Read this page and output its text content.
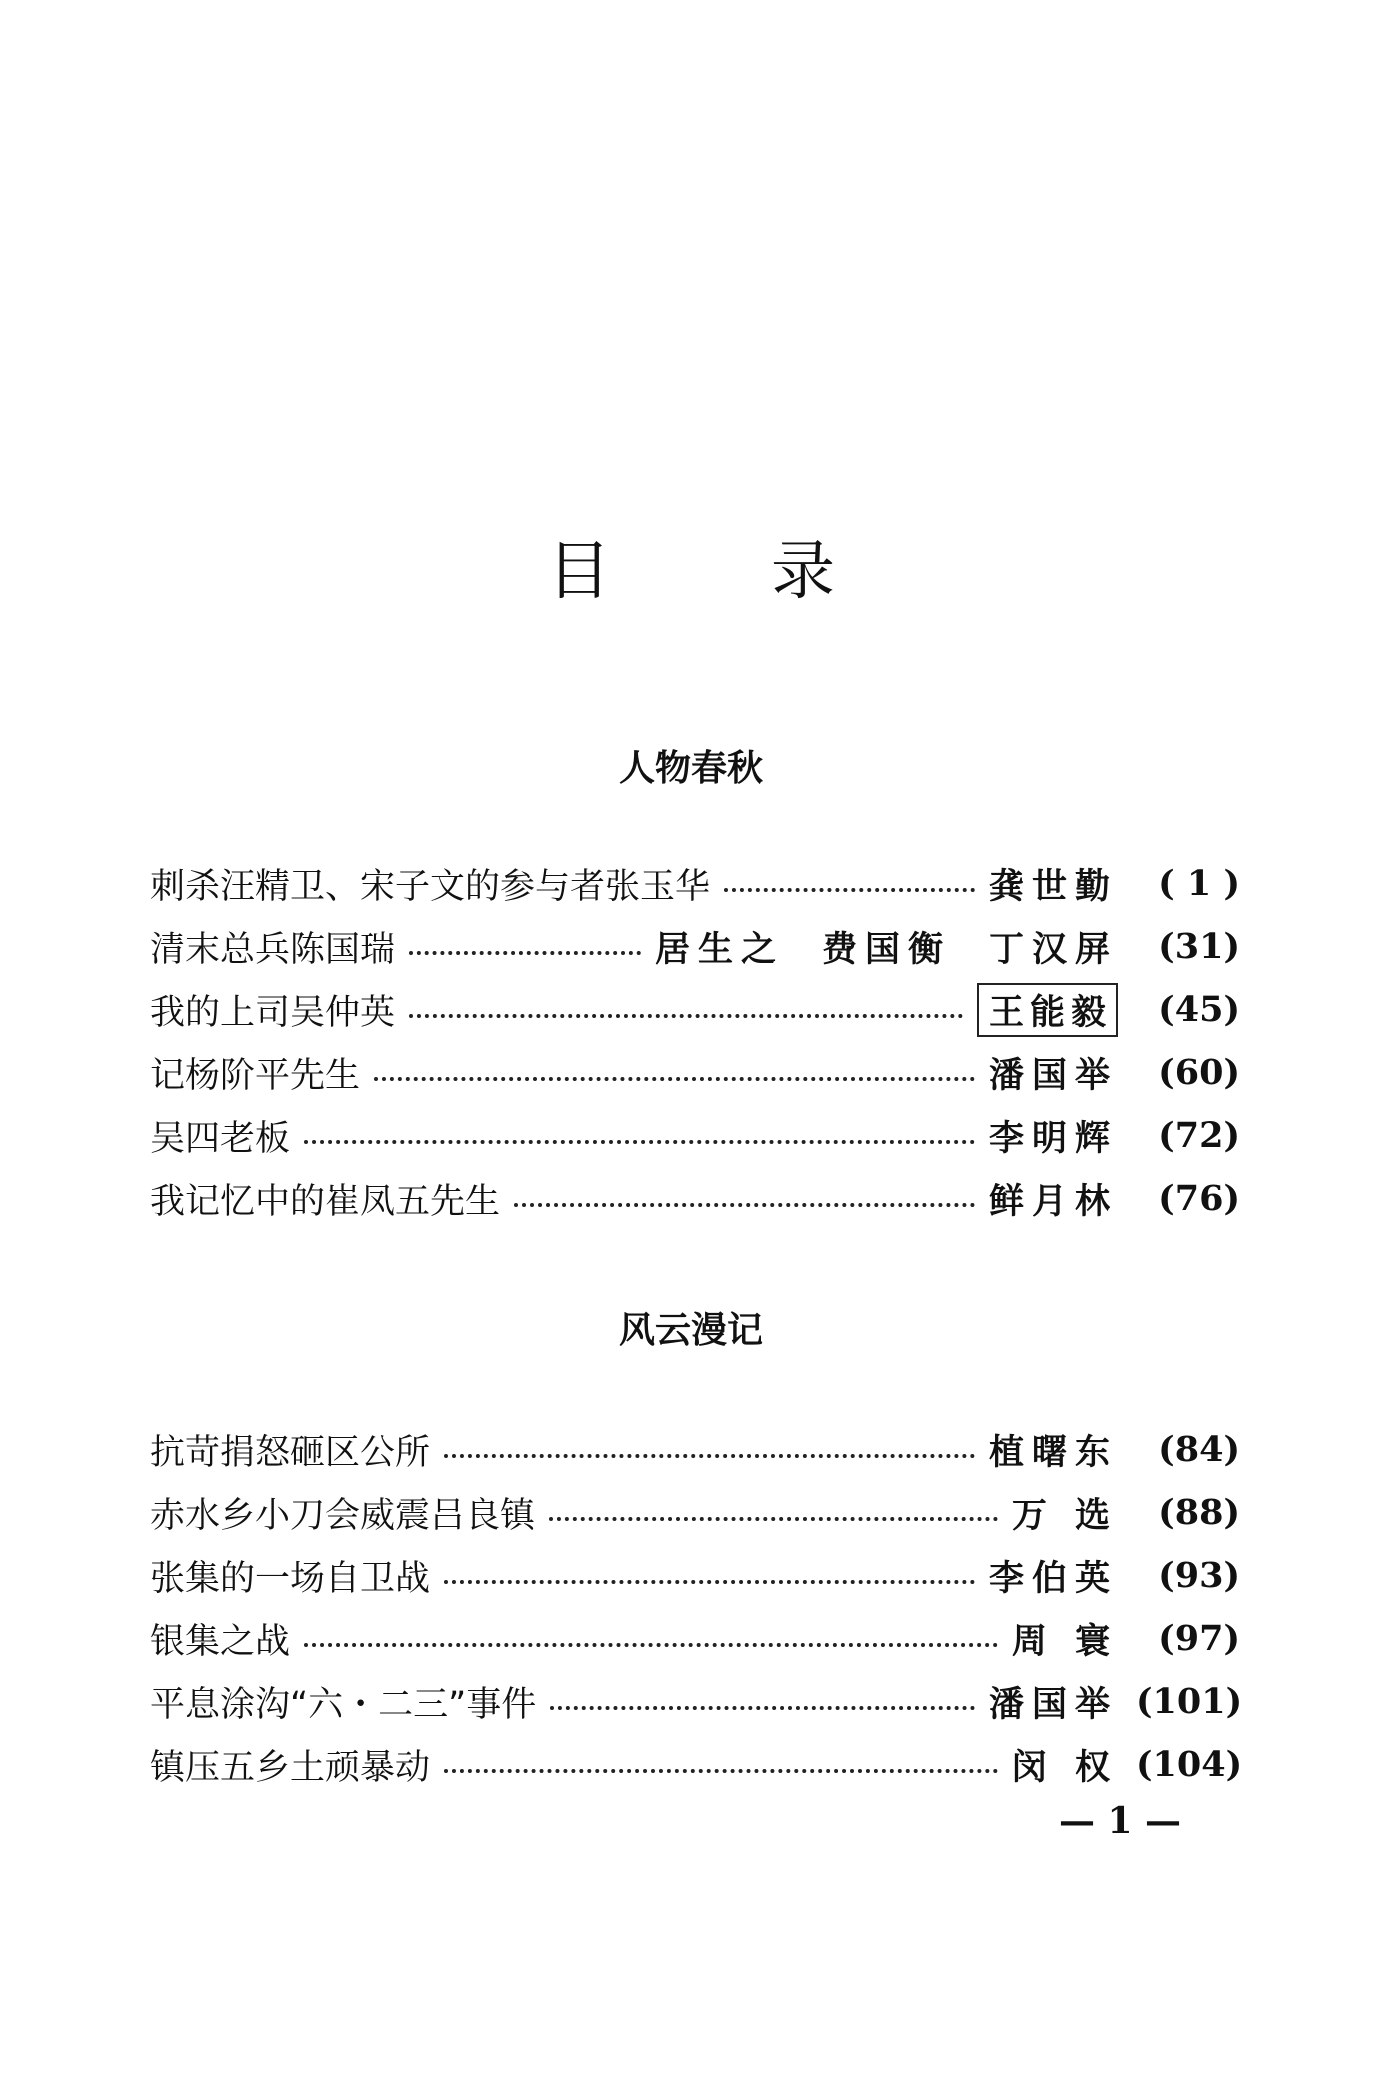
目	录
人物春秋
刺杀汪精卫、宋子文的参与者张玉华	龚世勤	( 1 )
清末总兵陈国瑞	居生之 费国衡 丁汉屏	(31)
我的上司吴仲英	王能毅	(45)
记杨阶平先生	潘国举	(60)
吴四老板	李明辉	(72)
我记忆中的崔凤五先生	鲜月林	(76)
风云漫记
抗苛捐怒砸区公所	植曙东	(84)
赤水乡小刀会威震吕良镇	万 选	(88)
张集的一场自卫战	李伯英	(93)
银集之战	周 寰	(97)
平息涂沟“六・二三”事件	潘国举 (101)
镇压五乡土顽暴动	闵 权 (104)
— 1 —
